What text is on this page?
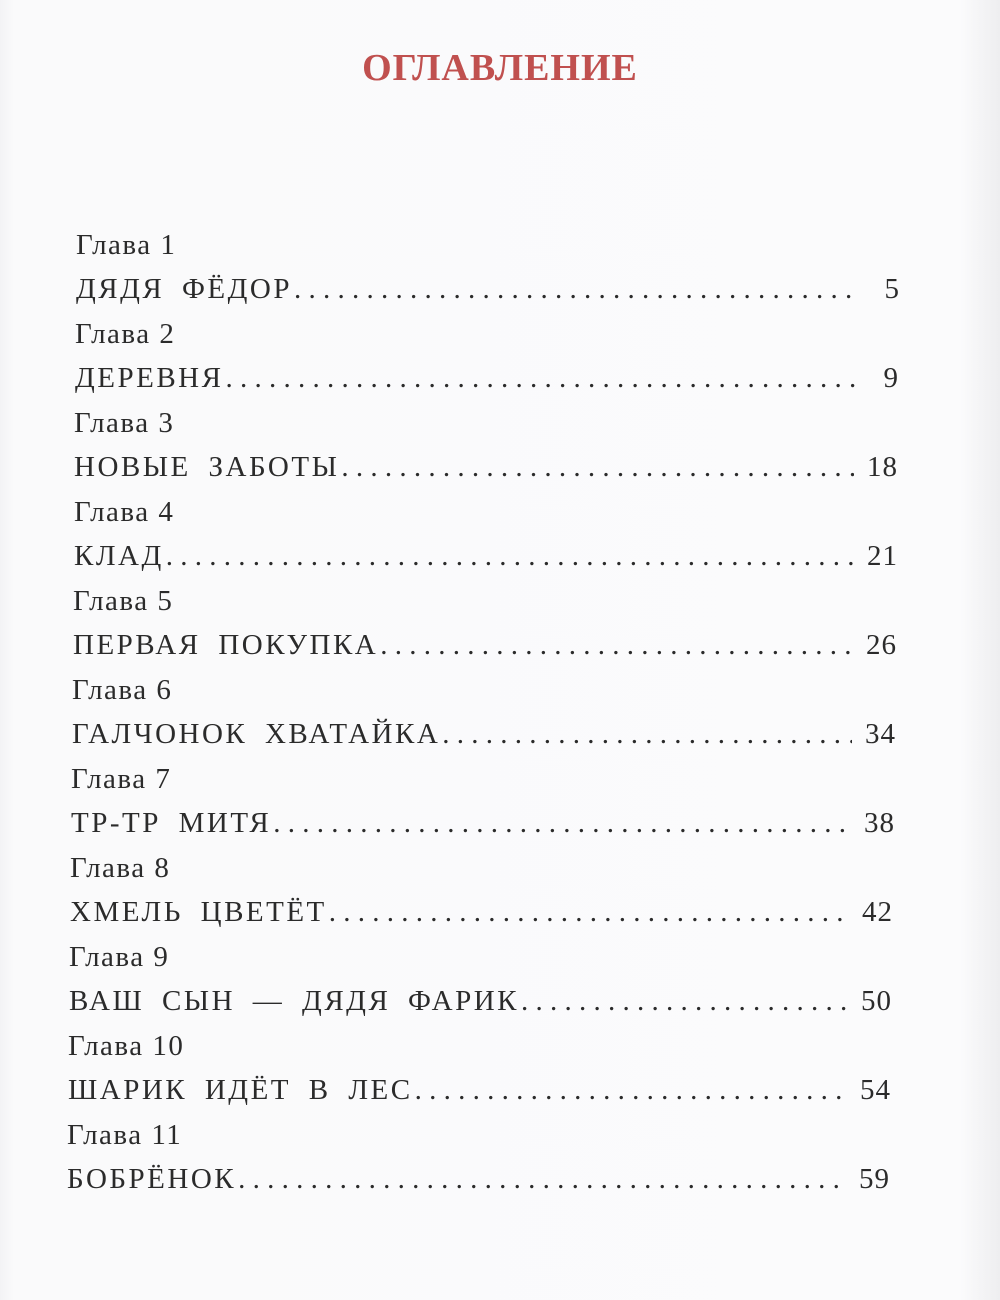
ОГЛАВЛЕНИЕ
Глава 1
ДЯДЯ ФЁДОР . . .	5
Глава 2
ДЕРЕВНЯ . . .	9
Глава 3
НОВЫЕ ЗАБОТЫ . . .	18
Глава 4
КЛАД . . .	21
Глава 5
ПЕРВАЯ ПОКУПКА . . .	26
Глава 6
ГАЛЧОНОК ХВАТАЙКА . . .	34
Глава 7
ТР-ТР МИТЯ . . .	38
Глава 8
ХМЕЛЬ ЦВЕТЁТ . . .	42
Глава 9
ВАШ СЫН — ДЯДЯ ФАРИК . . .	50
Глава 10
ШАРИК ИДЁТ В ЛЕС . . .	54
Глава 11
БОБРЁНОК . . .	59
